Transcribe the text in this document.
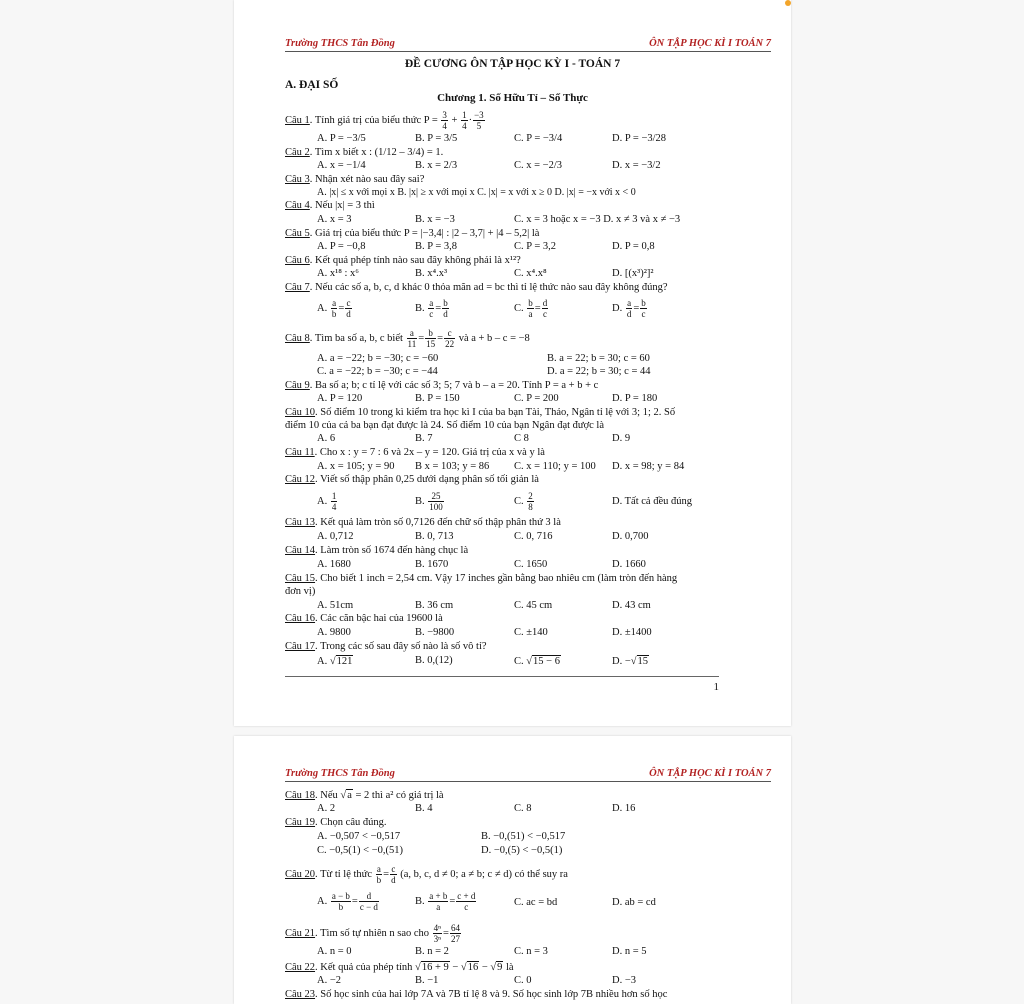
Trường THCS Tân Đồng	ÔN TẬP HỌC KÌ I TOÁN 7
ĐỀ CƯƠNG ÔN TẬP HỌC KỲ I - TOÁN 7
A. ĐẠI SỐ
Chương 1. Số Hữu Tỉ – Số Thực
Câu 1. Tính giá trị của biểu thức $P = \frac{3}{4} + \frac{1}{4} \cdot \frac{-3}{5}$
A. P = −3/5	B. P = 3/5	C. P = −3/4	D. P = −3/28
Câu 2. Tìm x biết x : (1/12 – 3/4) = 1.
A. x = −1/4	B. x = 2/3	C. x = −2/3	D. x = −3/2
Câu 3. Nhận xét nào sau đây sai?
A. |x| ≤ x với mọi x B. |x| ≥ x với mọi x C. |x| = x với x ≥ 0 D. |x| = −x với x < 0
Câu 4. Nếu |x| = 3 thì
A. x = 3	B. x = −3	C. x = 3 hoặc x = −3 D. x ≠ 3 và x ≠ −3
Câu 5. Giá trị của biểu thức P = |−3,4| : |2 – 3,7| + |4 – 5,2| là
A. P = −0,8	B. P = 3,8	C. P = 3,2	D. P = 0,8
Câu 6. Kết quả phép tính nào sau đây không phải là x¹²?
A. x¹⁸ : x⁶	B. x⁴.x³	C. x⁴.x⁸	D. [(x³)²]²
Câu 7. Nếu các số a, b, c, d khác 0 thỏa mãn ad = bc thì tỉ lệ thức nào sau đây không đúng?
A. $\frac{a}{b} = \frac{c}{d}$	B. $\frac{a}{c} = \frac{b}{d}$	C. $\frac{b}{a} = \frac{d}{c}$	D. $\frac{a}{d} = \frac{b}{c}$
Câu 8. Tìm ba số a, b, c biết $\frac{a}{11} = \frac{b}{15} = \frac{c}{22}$ và a + b – c = −8
A. a = −22; b = −30; c = −60	B. a = 22; b = 30; c = 60
C. a = −22; b = −30; c = −44	D. a = 22; b = 30; c = 44
Câu 9. Ba số a; b; c tỉ lệ với các số 3; 5; 7 và b – a = 20. Tính P = a + b + c
A. P = 120	B. P = 150	C. P = 200	D. P = 180
Câu 10. Số điểm 10 trong kì kiểm tra học kì I của ba bạn Tài, Thảo, Ngân tỉ lệ với 3; 1; 2. Số
điểm 10 của cả ba bạn đạt được là 24. Số điểm 10 của bạn Ngân đạt được là
A. 6	B. 7	C 8	D. 9
Câu 11. Cho x : y = 7 : 6 và 2x – y = 120. Giá trị của x và y là
A. x = 105; y = 90 B x = 103; y = 86 C. x = 110; y = 100 D. x = 98; y = 84
Câu 12. Viết số thập phân 0,25 dưới dạng phân số tối giản là
A. $\frac{1}{4}$	B. $\frac{25}{100}$	C. $\frac{2}{8}$	D. Tất cả đều đúng
Câu 13. Kết quả làm tròn số 0,7126 đến chữ số thập phân thứ 3 là
A. 0,712	B. 0, 713	C. 0, 716	D. 0,700
Câu 14. Làm tròn số 1674 đến hàng chục là
A. 1680	B. 1670	C. 1650	D. 1660
Câu 15. Cho biết 1 inch = 2,54 cm. Vậy 17 inches gần bằng bao nhiêu cm (làm tròn đến hàng
đơn vị)
A. 51cm	B. 36 cm	C. 45 cm	D. 43 cm
Câu 16. Các căn bậc hai của 19600 là
A. 9800	B. −9800	C. ±140	D. ±1400
Câu 17. Trong các số sau đây số nào là số vô tỉ?
A. √121	B. 0,(12)	C. √15 − 6	D. −√15
1
Trường THCS Tân Đồng	ÔN TẬP HỌC KÌ I TOÁN 7
Câu 18. Nếu √a = 2 thì a² có giá trị là
A. 2	B. 4	C. 8	D. 16
Câu 19. Chọn câu đúng.
A. −0,507 < −0,517	B. −0,(51) < −0,517
C. −0,5(1) < −0,(51)	D. −0,(5) < −0,5(1)
Câu 20. Từ tỉ lệ thức $\frac{a}{b} = \frac{c}{d} (a$, b, c, d ≠ 0; a ≠ b; c ≠ d) có thể suy ra
A. $\frac{a - b}{b} = \frac{d}{c - d}$	B. $\frac{a + b}{a} = \frac{c + d}{c}$	C. ac = bd	D. ab = cd
Câu 21. Tìm số tự nhiên n sao cho $\frac{\text{4ⁿ}}{\text{3ⁿ}} = \frac{64}{27}$
A. n = 0	B. n = 2	C. n = 3	D. n = 5
Câu 22. Kết quả của phép tính √16 + 9 − √16 − √9 là
A. −2	B. −1	C. 0	D. −3
Câu 23. Số học sinh của hai lớp 7A và 7B tỉ lệ 8 và 9. Số học sinh lớp 7B nhiều hơn số học
